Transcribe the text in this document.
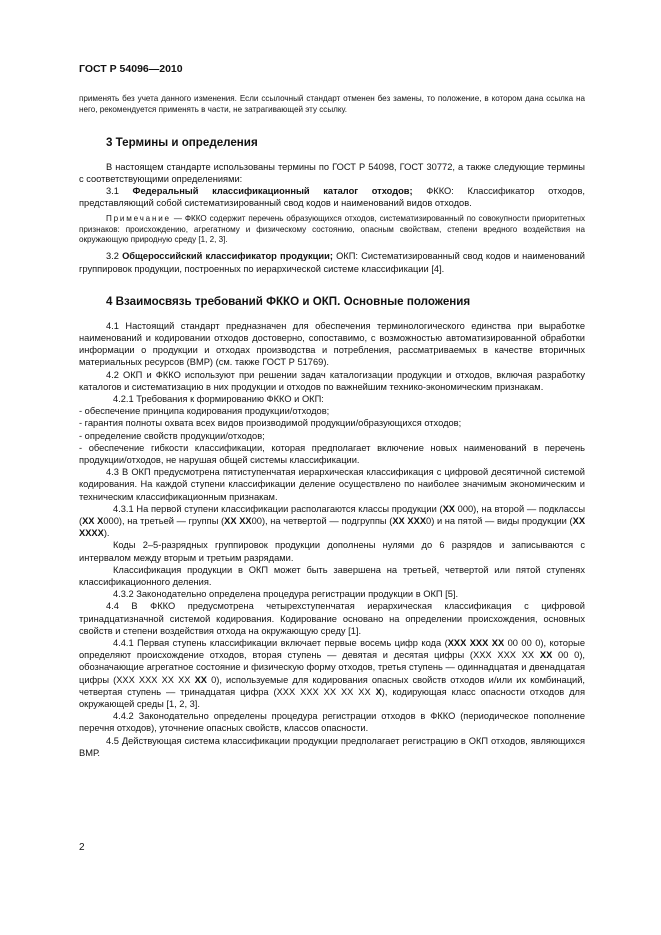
ГОСТ Р 54096—2010

применять без учета данного изменения. Если ссылочный стандарт отменен без замены, то положение, в котором дана ссылка на него, рекомендуется применять в части, не затрагивающей эту ссылку.

3 Термины и определения

В настоящем стандарте использованы термины по ГОСТ Р 54098, ГОСТ 30772, а также следующие термины с соответствующими определениями:

3.1 Федеральный классификационный каталог отходов; ФККО: Классификатор отходов, представляющий собой систематизированный свод кодов и наименований видов отходов.

Примечание — ФККО содержит перечень образующихся отходов, систематизированный по совокупности приоритетных признаков: происхождению, агрегатному и физическому состоянию, опасным свойствам, степени вредного воздействия на окружающую природную среду [1, 2, 3].

3.2 Общероссийский классификатор продукции; ОКП: Систематизированный свод кодов и наименований группировок продукции, построенных по иерархической системе классификации [4].

4 Взаимосвязь требований ФККО и ОКП. Основные положения

4.1 Настоящий стандарт предназначен для обеспечения терминологического единства при выработке наименований и кодировании отходов достоверно, сопоставимо, с возможностью автоматизированной обработки информации о продукции и отходах производства и потребления, рассматриваемых в качестве вторичных материальных ресурсов (ВМР) (см. также ГОСТ Р 51769).

4.2 ОКП и ФККО используют при решении задач каталогизации продукции и отходов, включая разработку каталогов и систематизацию в них продукции и отходов по важнейшим технико-экономическим признакам.

4.2.1 Требования к формированию ФККО и ОКП:

- обеспечение принципа кодирования продукции/отходов;

- гарантия полноты охвата всех видов производимой продукции/образующихся отходов;

- определение свойств продукции/отходов;

- обеспечение гибкости классификации, которая предполагает включение новых наименований в перечень продукции/отходов, не нарушая общей системы классификации.

4.3 В ОКП предусмотрена пятиступенчатая иерархическая классификация с цифровой десятичной системой кодирования. На каждой ступени классификации деление осуществлено по наиболее значимым экономическим и техническим классификационным признакам.

4.3.1 На первой ступени классификации располагаются классы продукции (ХХ 000), на второй — подклассы (ХХ Х000), на третьей — группы (ХХ ХХ00), на четвертой — подгруппы (ХХ ХХХ0) и на пятой — виды продукции (ХХ ХХХХ).

Коды 2–5-разрядных группировок продукции дополнены нулями до 6 разрядов и записываются с интервалом между вторым и третьим разрядами.

Классификация продукции в ОКП может быть завершена на третьей, четвертой или пятой ступенях классификационного деления.

4.3.2 Законодательно определена процедура регистрации продукции в ОКП [5].

4.4 В ФККО предусмотрена четырехступенчатая иерархическая классификация с цифровой тринадцатизначной системой кодирования. Кодирование основано на определении происхождения, основных свойств и степени воздействия отхода на окружающую среду [1].

4.4.1 Первая ступень классификации включает первые восемь цифр кода (ХХХ ХХХ ХХ 00 00 0), которые определяют происхождение отходов, вторая ступень — девятая и десятая цифры (ХХХ ХХХ ХХ ХХ 00 0), обозначающие агрегатное состояние и физическую форму отходов, третья ступень — одиннадцатая и двенадцатая цифры (ХХХ ХХХ ХХ ХХ ХХ 0), используемые для кодирования опасных свойств отходов и/или их комбинаций, четвертая ступень — тринадцатая цифра (ХХХ ХХХ ХХ ХХ ХХ Х), кодирующая класс опасности отходов для окружающей среды [1, 2, 3].

4.4.2 Законодательно определены процедура регистрации отходов в ФККО (периодическое пополнение перечня отходов), уточнение опасных свойств, классов опасности.

4.5 Действующая система классификации продукции предполагает регистрацию в ОКП отходов, являющихся ВМР.

2
